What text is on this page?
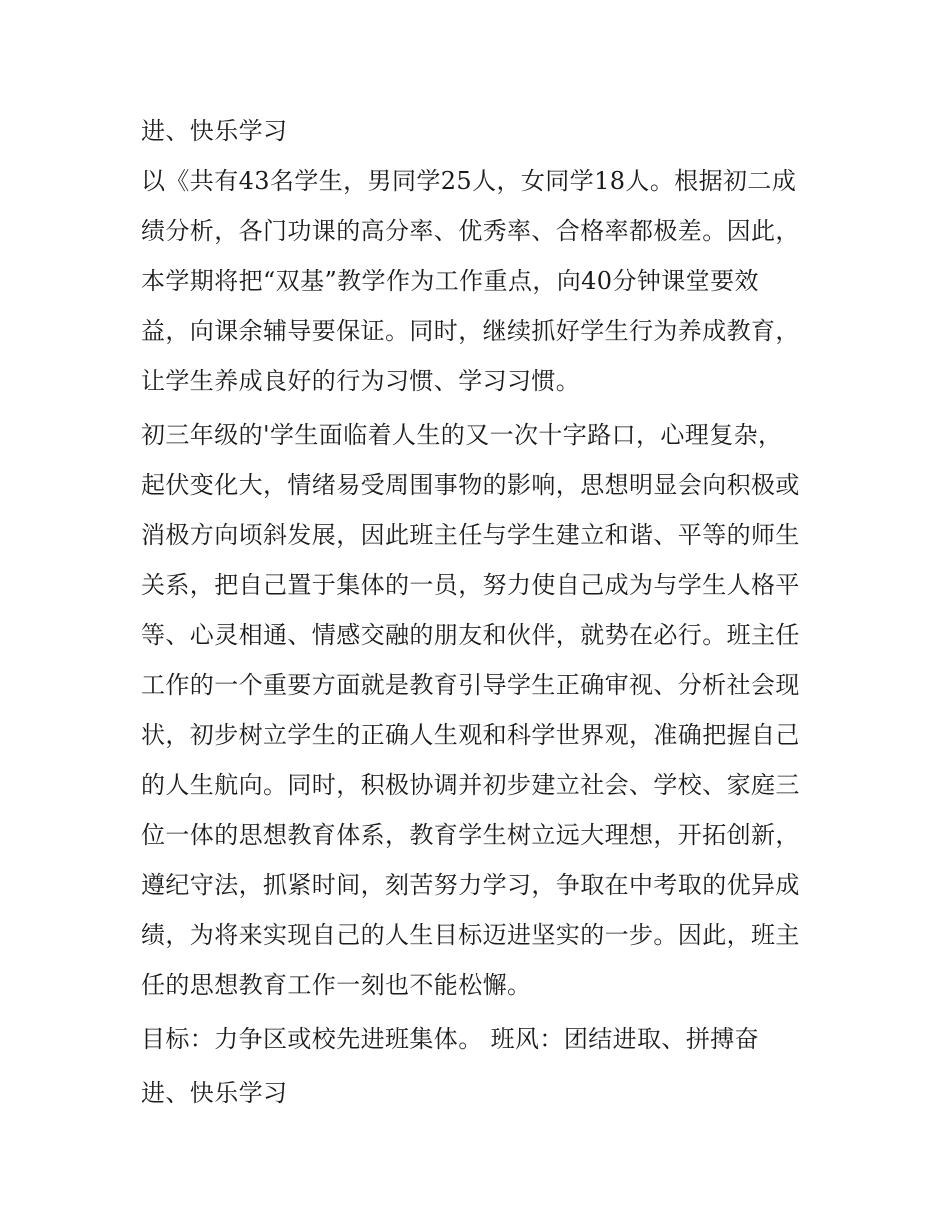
进、快乐学习
以《共有43名学生，男同学25人，女同学18人。根据初二成
绩分析，各门功课的高分率、优秀率、合格率都极差。因此，
本学期将把“双基”教学作为工作重点，向40分钟课堂要效
益，向课余辅导要保证。同时，继续抓好学生行为养成教育，
让学生养成良好的行为习惯、学习习惯。
初三年级的'学生面临着人生的又一次十字路口，心理复杂，
起伏变化大，情绪易受周围事物的影响，思想明显会向积极或
消极方向顷斜发展，因此班主任与学生建立和谐、平等的师生
关系，把自己置于集体的一员，努力使自己成为与学生人格平
等、心灵相通、情感交融的朋友和伙伴，就势在必行。班主任
工作的一个重要方面就是教育引导学生正确审视、分析社会现
状，初步树立学生的正确人生观和科学世界观，准确把握自己
的人生航向。同时，积极协调并初步建立社会、学校、家庭三
位一体的思想教育体系，教育学生树立远大理想，开拓创新，
遵纪守法，抓紧时间，刻苦努力学习，争取在中考取的优异成
绩，为将来实现自己的人生目标迈进坚实的一步。因此，班主
任的思想教育工作一刻也不能松懈。
目标：力争区或校先进班集体。 班风：团结进取、拼搏奋
进、快乐学习
